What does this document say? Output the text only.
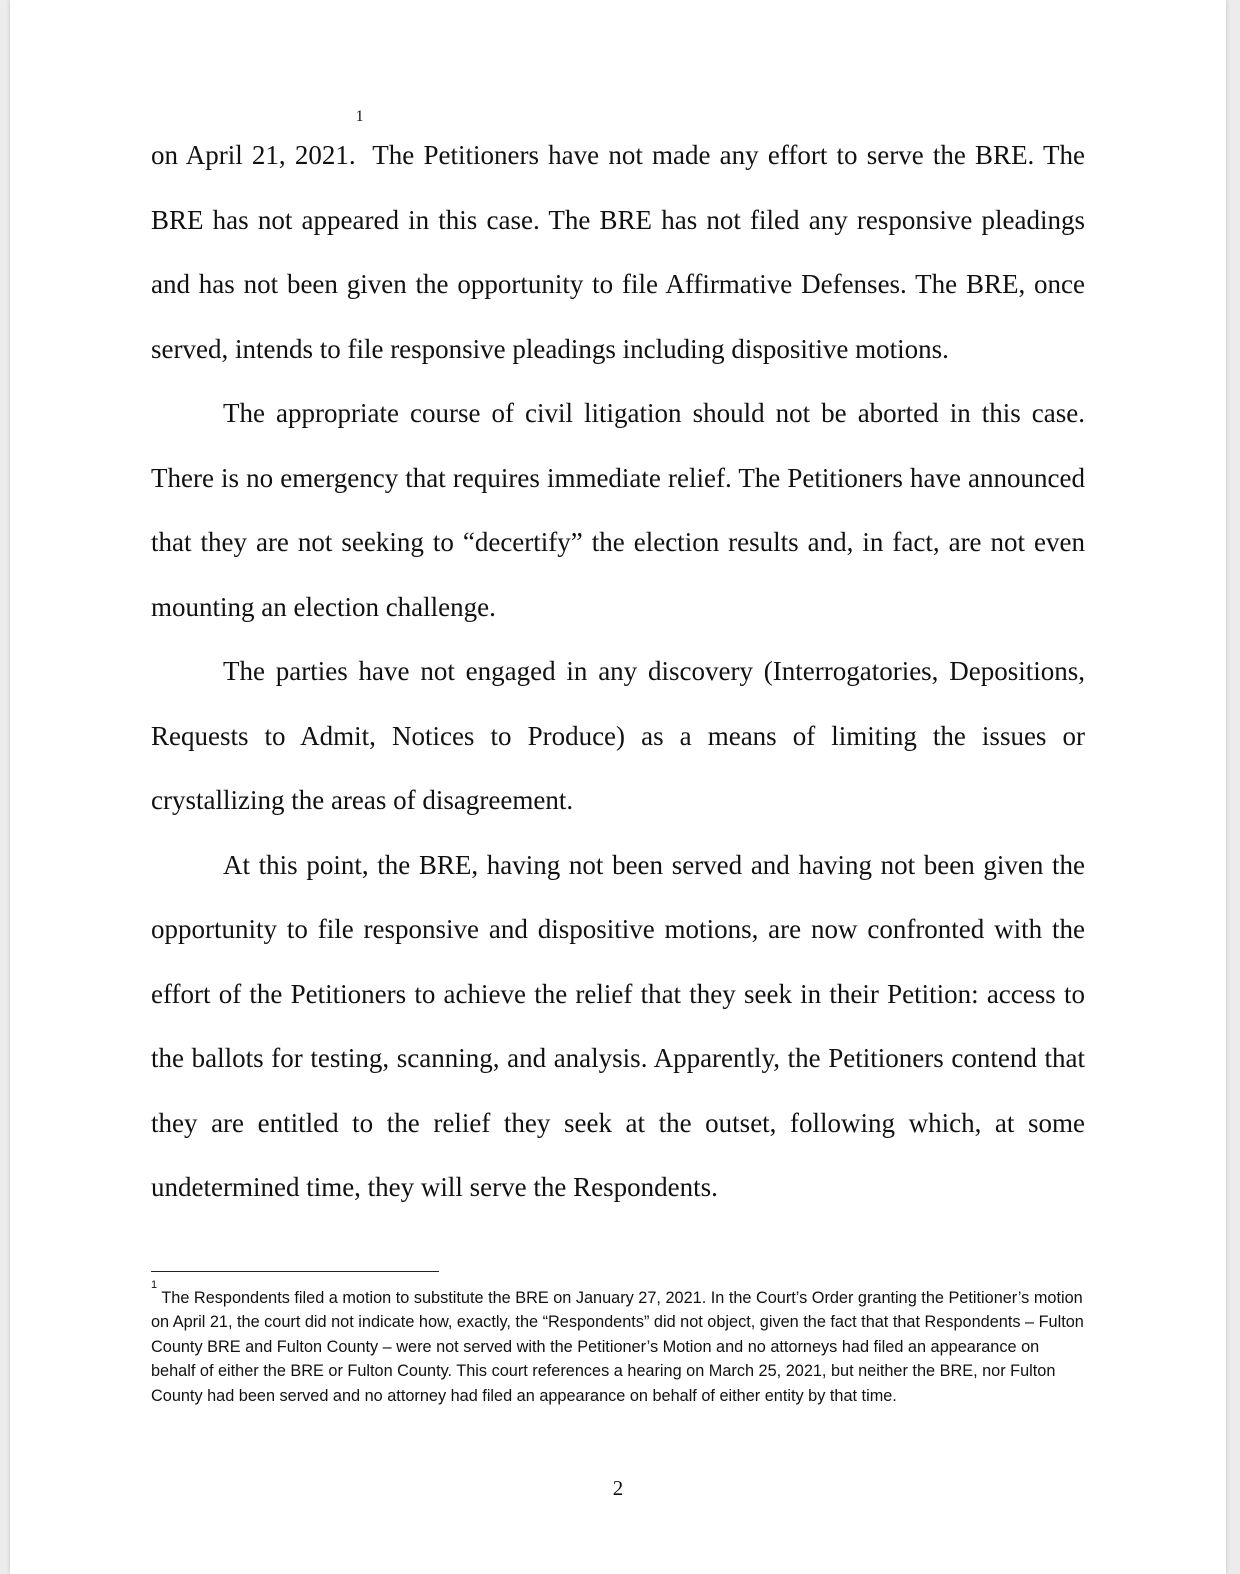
on April 21, 2021.$^1$ The Petitioners have not made any effort to serve the BRE. The BRE has not appeared in this case. The BRE has not filed any responsive pleadings and has not been given the opportunity to file Affirmative Defenses. The BRE, once served, intends to file responsive pleadings including dispositive motions.

The appropriate course of civil litigation should not be aborted in this case. There is no emergency that requires immediate relief. The Petitioners have announced that they are not seeking to “decertify” the election results and, in fact, are not even mounting an election challenge.

The parties have not engaged in any discovery (Interrogatories, Depositions, Requests to Admit, Notices to Produce) as a means of limiting the issues or crystallizing the areas of disagreement.

At this point, the BRE, having not been served and having not been given the opportunity to file responsive and dispositive motions, are now confronted with the effort of the Petitioners to achieve the relief that they seek in their Petition: access to the ballots for testing, scanning, and analysis. Apparently, the Petitioners contend that they are entitled to the relief they seek at the outset, following which, at some undetermined time, they will serve the Respondents.

$^1$ The Respondents filed a motion to substitute the BRE on January 27, 2021. In the Court’s Order granting the Petitioner’s motion on April 21, the court did not indicate how, exactly, the “Respondents” did not object, given the fact that that Respondents – Fulton County BRE and Fulton County – were not served with the Petitioner’s Motion and no attorneys had filed an appearance on behalf of either the BRE or Fulton County. This court references a hearing on March 25, 2021, but neither the BRE, nor Fulton County had been served and no attorney had filed an appearance on behalf of either entity by that time.

2
